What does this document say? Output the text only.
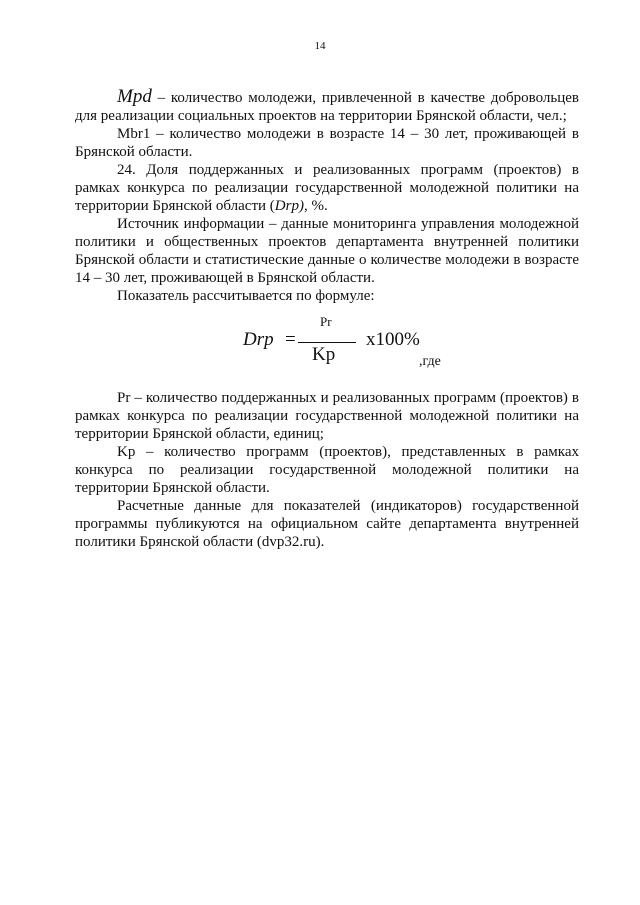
14

Mpd – количество молодежи, привлеченной в качестве добровольцев для реализации социальных проектов на территории Брянской области, чел.;

Mbr1 – количество молодежи в возрасте 14 – 30 лет, проживающей в Брянской области.

24. Доля поддержанных и реализованных программ (проектов) в рамках конкурса по реализации государственной молодежной политики на территории Брянской области (Drp), %.

Источник информации – данные мониторинга управления молодежной политики и общественных проектов департамента внутренней политики Брянской области и статистические данные о количестве молодежи в возрасте 14 – 30 лет, проживающей в Брянской области.

Показатель рассчитывается по формуле:

Drp =
Pr
Kp
x100%
,где

Pr – количество поддержанных и реализованных программ (проектов) в рамках конкурса по реализации государственной молодежной политики на территории Брянской области, единиц;

Kp – количество программ (проектов), представленных в рамках конкурса по реализации государственной молодежной политики на территории Брянской области.

Расчетные данные для показателей (индикаторов) государственной программы публикуются на официальном сайте департамента внутренней политики Брянской области (dvp32.ru).
